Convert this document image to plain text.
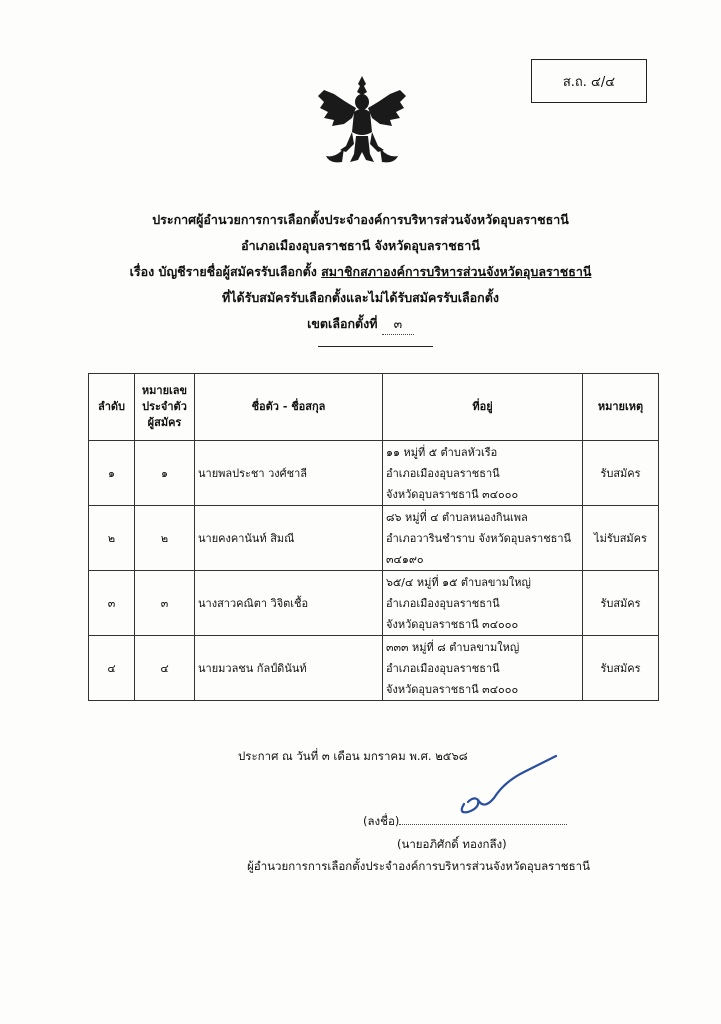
ส.ถ. ๔/๔
ประกาศผู้อำนวยการการเลือกตั้งประจำองค์การบริหารส่วนจังหวัดอุบลราชธานี
อำเภอเมืองอุบลราชธานี จังหวัดอุบลราชธานี
เรื่อง บัญชีรายชื่อผู้สมัครรับเลือกตั้ง สมาชิกสภาองค์การบริหารส่วนจังหวัดอุบลราชธานี
ที่ได้รับสมัครรับเลือกตั้งและไม่ได้รับสมัครรับเลือกตั้ง
เขตเลือกตั้งที่ ๓
ลำดับ	หมายเลข
ประจำตัว
ผู้สมัคร	ชื่อตัว - ชื่อสกุล	ที่อยู่	หมายเหตุ
๑	๑	นายพลประชา วงศ์ชาลี	๑๑ หมู่ที่ ๕ ตำบลหัวเรือ
อำเภอเมืองอุบลราชธานี
จังหวัดอุบลราชธานี ๓๔๐๐๐	รับสมัคร
๒	๒	นายคงคานันท์ สิมณี	๘๖ หมู่ที่ ๔ ตำบลหนองกินเพล
อำเภอวารินชำราบ จังหวัดอุบลราชธานี
๓๔๑๙๐	ไม่รับสมัคร
๓	๓	นางสาวคณิตา วิจิตเชื้อ	๖๕/๔ หมู่ที่ ๑๕ ตำบลขามใหญ่
อำเภอเมืองอุบลราชธานี
จังหวัดอุบลราชธานี ๓๔๐๐๐	รับสมัคร
๔	๔	นายมวลชน กัลป์ดินันท์	๓๓๓ หมู่ที่ ๘ ตำบลขามใหญ่
อำเภอเมืองอุบลราชธานี
จังหวัดอุบลราชธานี ๓๔๐๐๐	รับสมัคร
ประกาศ ณ วันที่ ๓ เดือน มกราคม พ.ศ. ๒๕๖๘
(ลงชื่อ)
(นายอภิศักดิ์ ทองกลึง)
ผู้อำนวยการการเลือกตั้งประจำองค์การบริหารส่วนจังหวัดอุบลราชธานี
